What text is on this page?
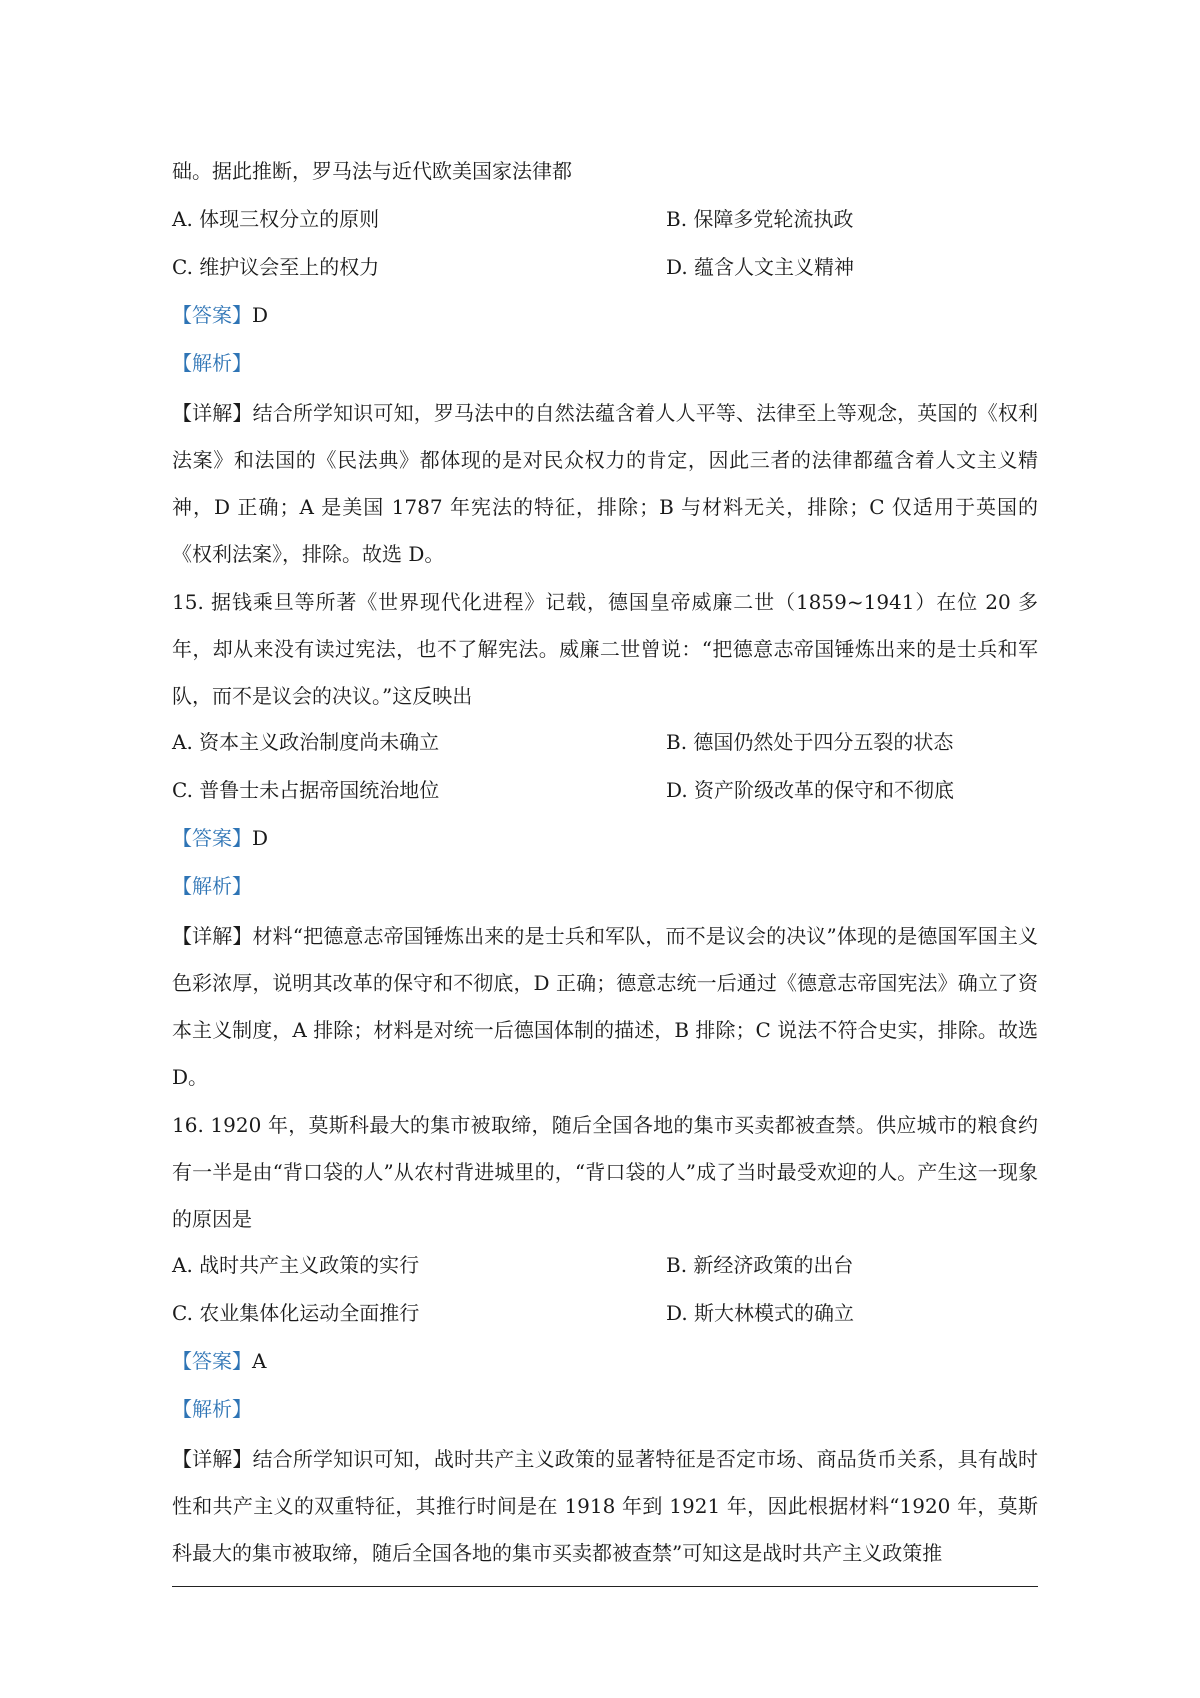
础。据此推断，罗马法与近代欧美国家法律都
A. 体现三权分立的原则	B. 保障多党轮流执政
C. 维护议会至上的权力	D. 蕴含人文主义精神
【答案】D
【解析】
【详解】结合所学知识可知，罗马法中的自然法蕴含着人人平等、法律至上等观念，英国的《权利法案》和法国的《民法典》都体现的是对民众权力的肯定，因此三者的法律都蕴含着人文主义精神，D 正确；A 是美国 1787 年宪法的特征，排除；B 与材料无关，排除；C 仅适用于英国的《权利法案》，排除。故选 D。
15. 据钱乘旦等所著《世界现代化进程》记载，德国皇帝威廉二世（1859~1941）在位 20 多年，却从来没有读过宪法，也不了解宪法。威廉二世曾说：“把德意志帝国锤炼出来的是士兵和军队，而不是议会的决议。”这反映出
A. 资本主义政治制度尚未确立	B. 德国仍然处于四分五裂的状态
C. 普鲁士未占据帝国统治地位	D. 资产阶级改革的保守和不彻底
【答案】D
【解析】
【详解】材料“把德意志帝国锤炼出来的是士兵和军队，而不是议会的决议”体现的是德国军国主义色彩浓厚，说明其改革的保守和不彻底，D 正确；德意志统一后通过《德意志帝国宪法》确立了资本主义制度，A 排除；材料是对统一后德国体制的描述，B 排除；C 说法不符合史实，排除。故选 D。
16. 1920 年，莫斯科最大的集市被取缔，随后全国各地的集市买卖都被查禁。供应城市的粮食约有一半是由“背口袋的人”从农村背进城里的，“背口袋的人”成了当时最受欢迎的人。产生这一现象的原因是
A. 战时共产主义政策的实行	B. 新经济政策的出台
C. 农业集体化运动全面推行	D. 斯大林模式的确立
【答案】A
【解析】
【详解】结合所学知识可知，战时共产主义政策的显著特征是否定市场、商品货币关系，具有战时性和共产主义的双重特征，其推行时间是在 1918 年到 1921 年，因此根据材料“1920 年，莫斯科最大的集市被取缔，随后全国各地的集市买卖都被查禁”可知这是战时共产主义政策推
